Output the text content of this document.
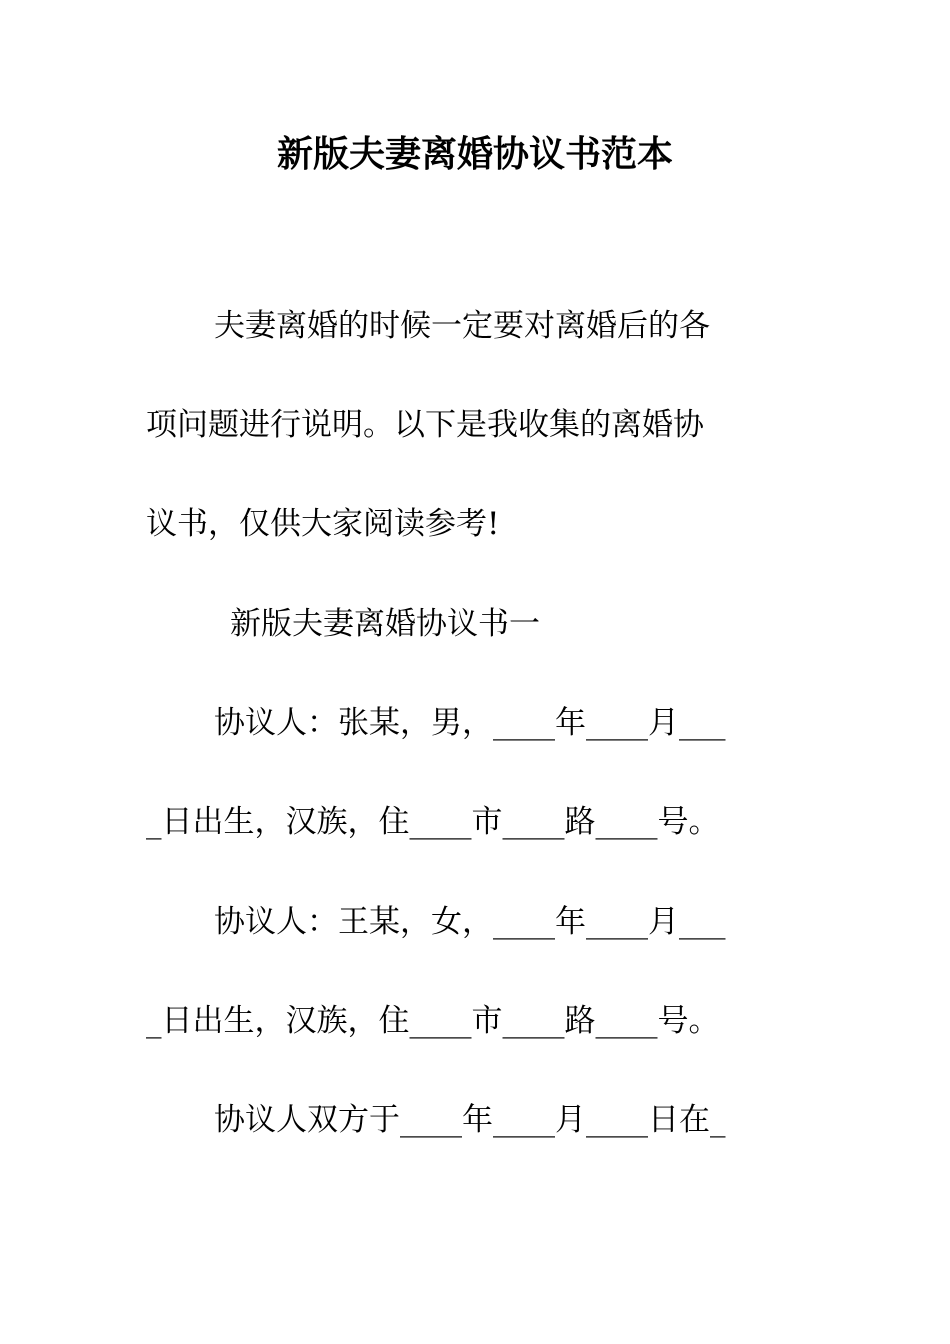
新版夫妻离婚协议书范本
夫妻离婚的时候一定要对离婚后的各
项问题进行说明。以下是我收集的离婚协
议书，仅供大家阅读参考!
新版夫妻离婚协议书一
协议人：张某，男，____年____月___
_日出生，汉族，住____市____路____号。
协议人：王某，女，____年____月___
_日出生，汉族，住____市____路____号。
协议人双方于____年____月____日在_
